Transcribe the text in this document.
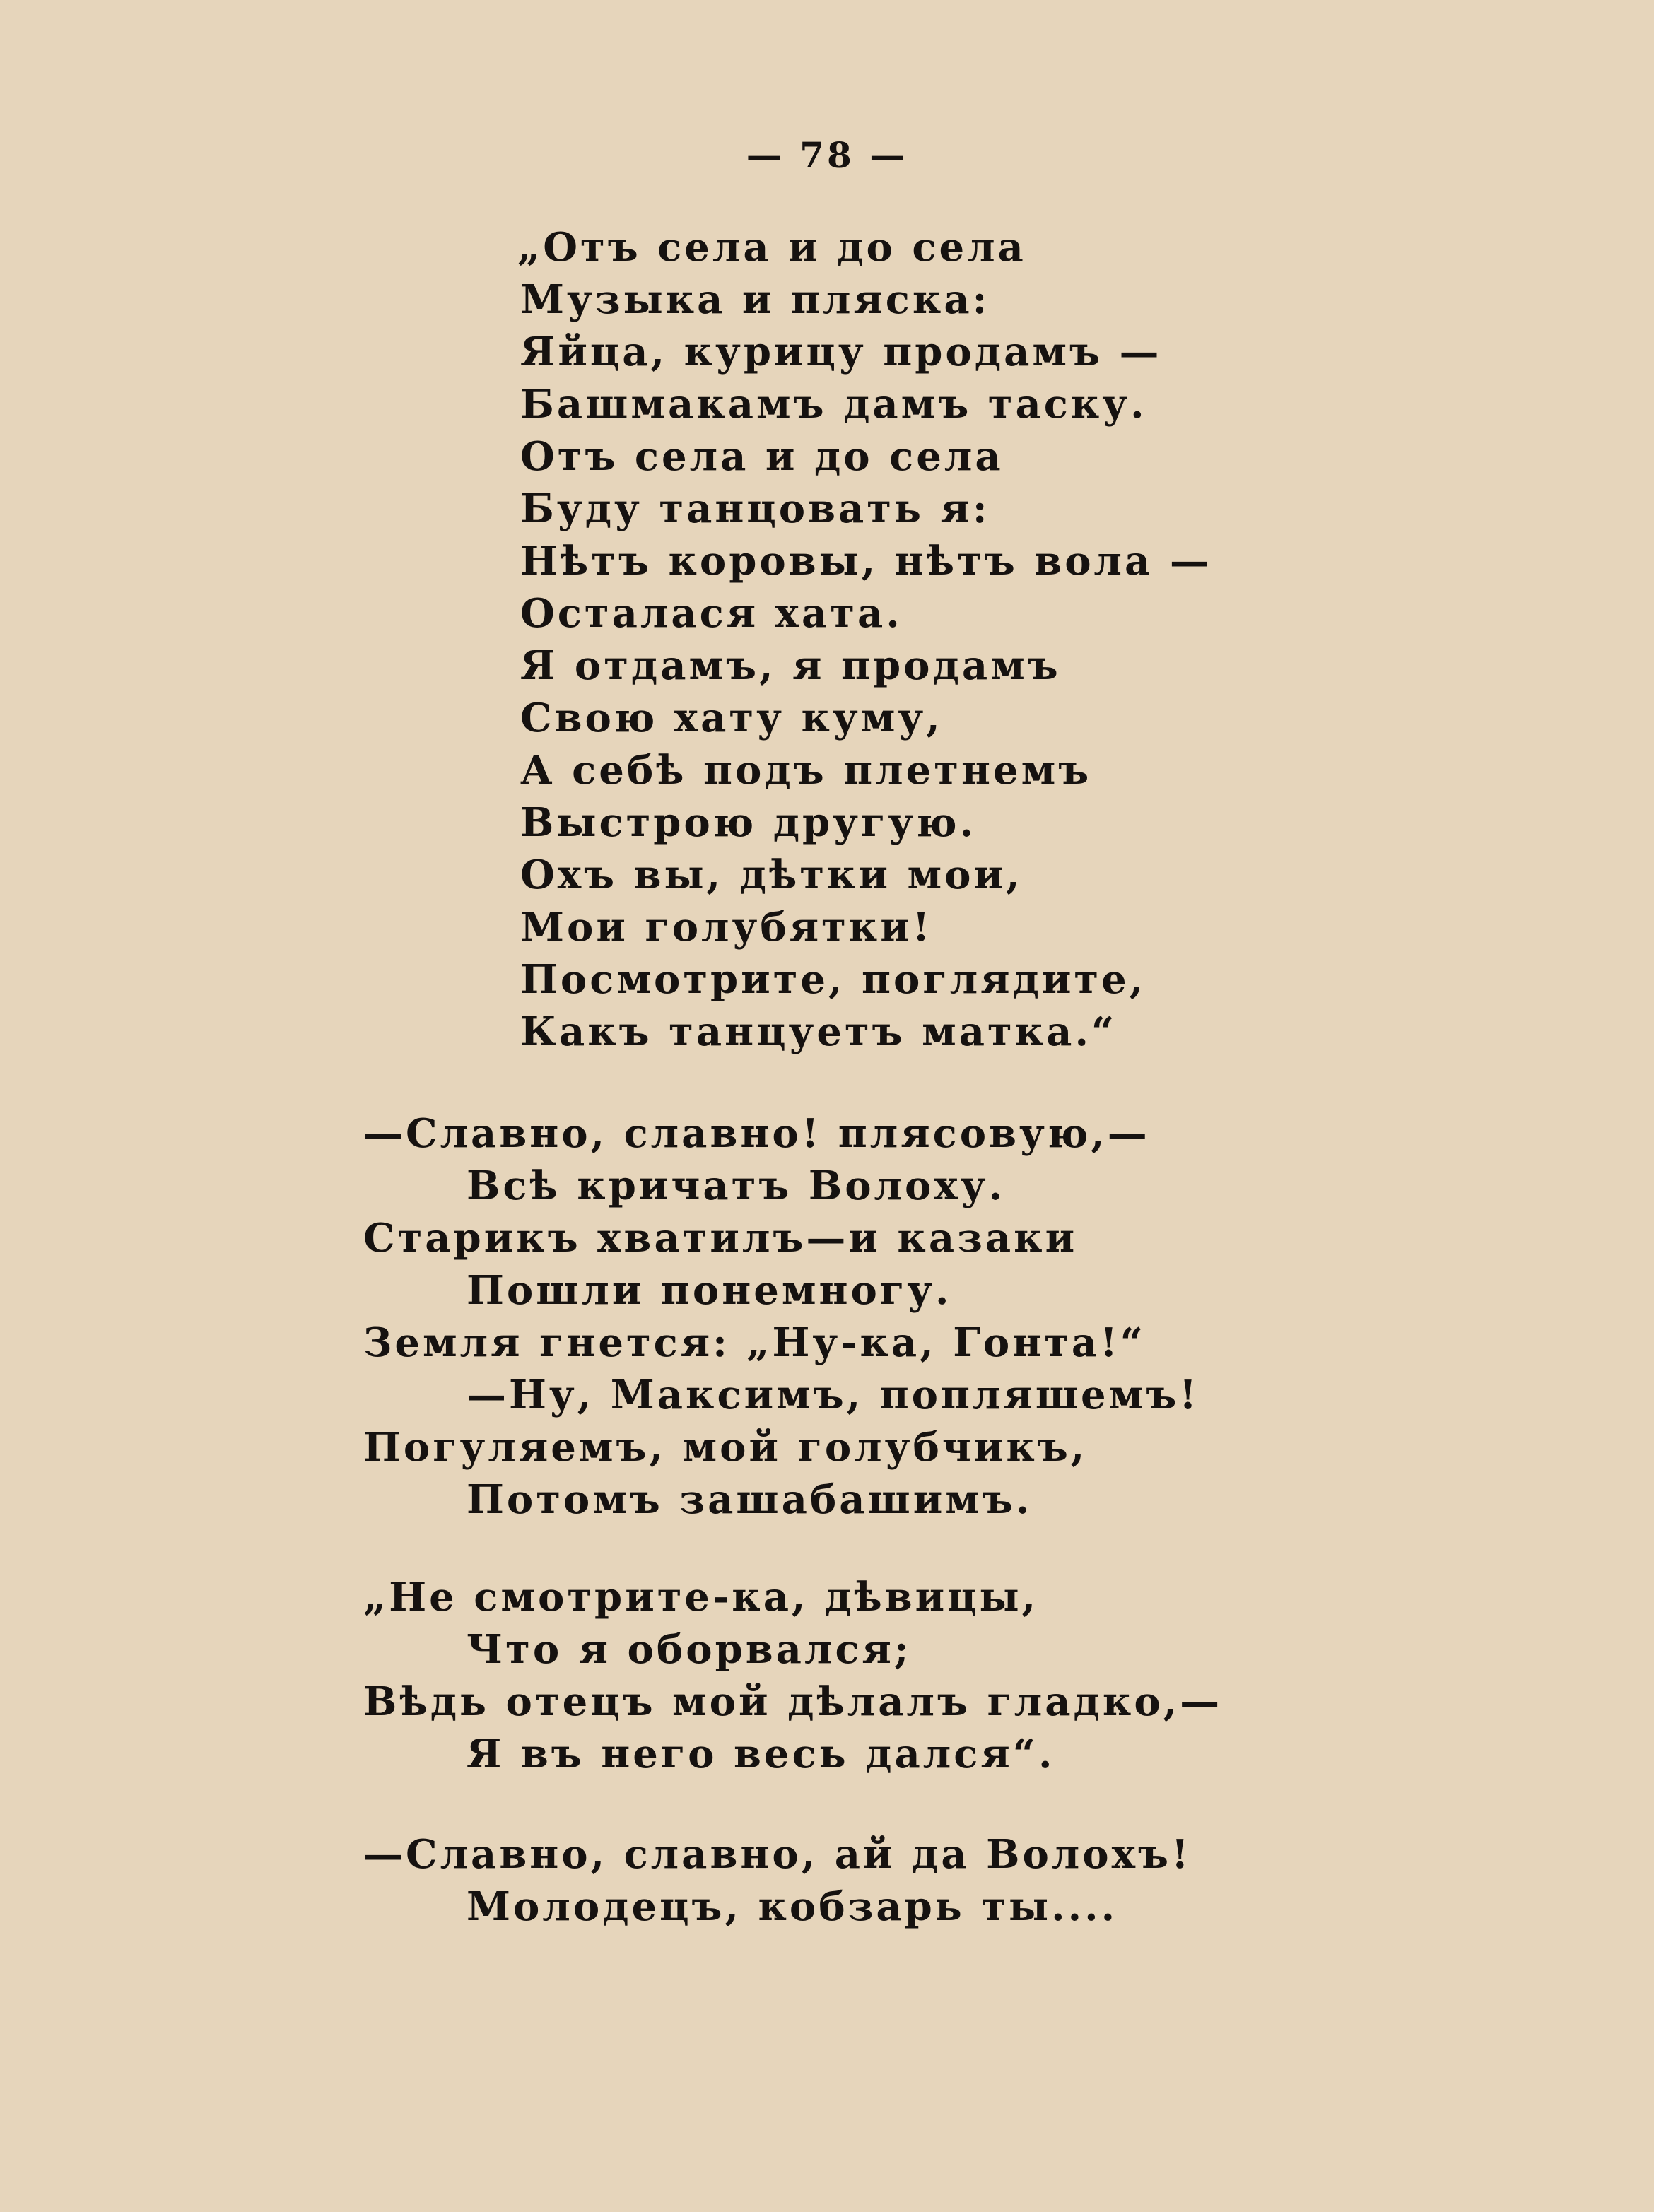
— 78 —
„Отъ села и до села
Музыка и пляска:
Яйца, курицу продамъ —
Башмакамъ дамъ таску.
Отъ села и до села
Буду танцовать я:
Нѣтъ коровы, нѣтъ вола —
Осталася хата.
Я отдамъ, я продамъ
Свою хату куму,
А себѣ подъ плетнемъ
Выстрою другую.
Охъ вы, дѣтки мои,
Мои голубятки!
Посмотрите, поглядите,
Какъ танцуетъ матка.“
—Славно, славно! плясовую,—
Всѣ кричатъ Волоху.
Старикъ хватилъ—и казаки
Пошли понемногу.
Земля гнется: „Ну-ка, Гонта!“
—Ну, Максимъ, попляшемъ!
Погуляемъ, мой голубчикъ,
Потомъ зашабашимъ.
„Не смотрите-ка, дѣвицы,
Что я оборвался;
Вѣдь отецъ мой дѣлалъ гладко,—
Я въ него весь дался“.
—Славно, славно, ай да Волохъ!
Молодецъ, кобзарь ты....
